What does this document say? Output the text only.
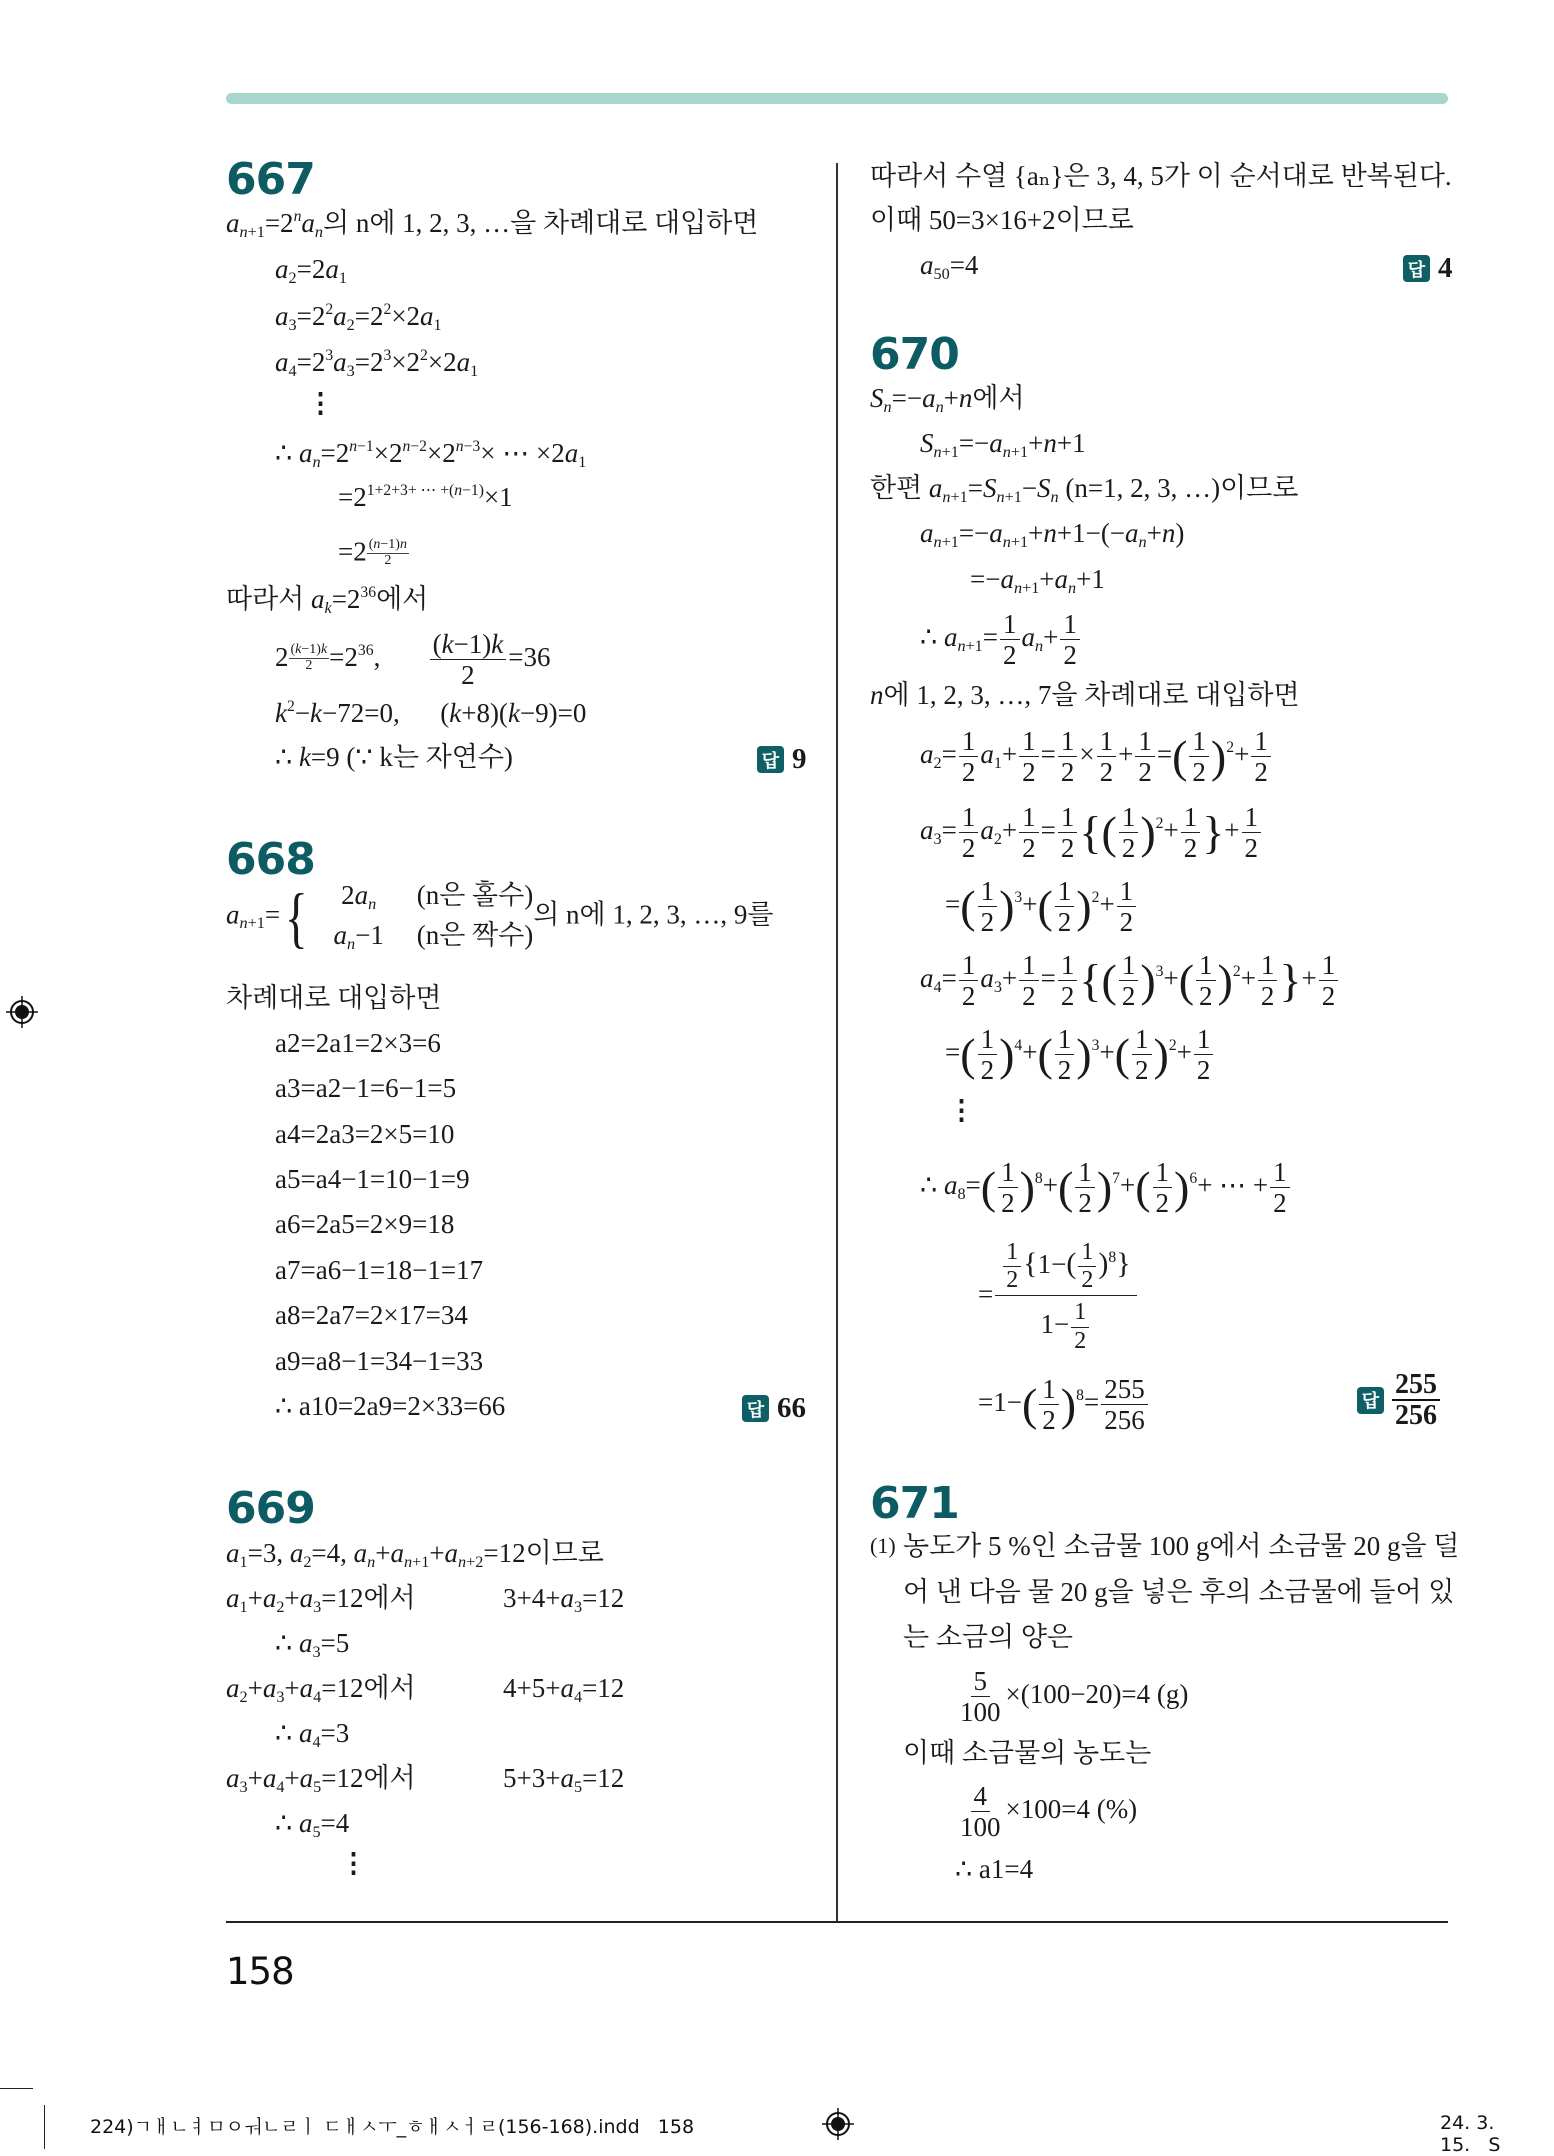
667
$a_{n+1}=2^na_n$의 n에 1, 2, 3, …을 차례대로 대입하면
$a_2=2a_1$
$a_3=2^2a_2=2^2\times 2a_1$
$a_4=2^3a_3=2^3\times 2^2\times 2a_1$
⋮
∴ $a_n=2^{n-1}\times 2^{n-2}\times 2^{n-3}\times$ ⋯ $\times 2a_1$
$=2^{1+2+3+ \cdots +(n-1)}\times 1$
$=2 \frac{(n-1)n}{2}$
따라서 $a_k=2^{36}$에서
$2 \frac{(k-1)k}{2} =2^{36}$, $\frac{(k-1)k}{2} =36$
$k^2-k-72=0$,      (k+8)(k−9)=0
∴ k=9 (∵ k는 자연수)	답 9
668
$a_{n+1}=$ {	$2a_n$	(n은 홀수)
$a_n-1$	(n은 짝수)
의 n에 1, 2, 3, …, 9를
차례대로 대입하면
a2=2a1=2×3=6
a3=a2−1=6−1=5
a4=2a3=2×5=10
a5=a4−1=10−1=9
a6=2a5=2×9=18
a7=a6−1=18−1=17
a8=2a7=2×17=34
a9=a8−1=34−1=33
∴ a10=2a9=2×33=66	답 66
669
$a_1=3$, $a_2=4$, $a_n+a_{n+1}+a_{n+2}=12$이므로
$a_1+a_2+a_3=12$에서	$3+4+a_3=12$
∴ $a_3=5$
$a_2+a_3+a_4=12$에서	$4+5+a_4=12$
∴ $a_4=3$
$a_3+a_4+a_5=12$에서	$5+3+a_5=12$
∴ $a_5=4$
⋮
따라서 수열 {aₙ}은 3, 4, 5가 이 순서대로 반복된다.
이때 50=3×16+2이므로
$a_{50}=4$	답 4
670
$S_n=-a_n+n$에서
$S_{n+1}=-a_{n+1}+n+1$
한편 $a_{n+1}=S_{n+1}-S_n$ (n=1, 2, 3, …)이므로
$a_{n+1}=-a_{n+1}+n+1-(-a_n+n)$
$=-a_{n+1}+a_n+1$
∴ $a_{n+1}= \frac{1}{2} a_n+ \frac{1}{2}$
n에 1, 2, 3, …, 7을 차례대로 대입하면
$a_2= \frac{1}{2} a_1+ \frac{1}{2} = \frac{1}{2} \times \frac{1}{2} + \frac{1}{2}$ =( $\frac{1}{2} )^2+ \frac{1}{2}$
$a_3= \frac{1}{2} a_2+ \frac{1}{2} = \frac{1}{2}$ {( $\frac{1}{2} )^2+ \frac{1}{2}$ }+ $\frac{1}{2}$
=( $\frac{1}{2} )^3+( \frac{1}{2} )^2+ \frac{1}{2}$
$a_4= \frac{1}{2} a_3+ \frac{1}{2} = \frac{1}{2}$ {( $\frac{1}{2} )^3+( \frac{1}{2} )^2+ \frac{1}{2}$ }+ $\frac{1}{2}$
=( $\frac{1}{2} )^4+( \frac{1}{2} )^3+( \frac{1}{2} )^2+ \frac{1}{2}$
⋮
∴ $a_8=( \frac{1}{2} )^8+( \frac{1}{2} )^7+( \frac{1}{2} )^6+$ ⋯ + $\frac{1}{2}$
= $\frac{\frac{1}{2} \{1-( \frac{1}{2} )^8\}}{1- \frac{1}{2}}$
$=1-( \frac{1}{2} )^8= \frac{255}{256}$	답 $\frac{255}{256}$
671
(1) 농도가 5 %인 소금물 100 g에서 소금물 20 g을 덜
어 낸 다음 물 20 g을 넣은 후의 소금물에 들어 있
는 소금의 양은
$\frac{5}{100} \times(100-20)=4$ (g)
이때 소금물의 농도는
$\frac{4}{100} \times 100=4$ (%)
∴ a1=4
158
224)ㄱㅐㄴㅕㅁㅇㅝㄴㄹㅣ ㄷㅐㅅㅜ_ㅎㅐㅅㅓㄹ(156-168).indd 158	24. 3. 15. S
